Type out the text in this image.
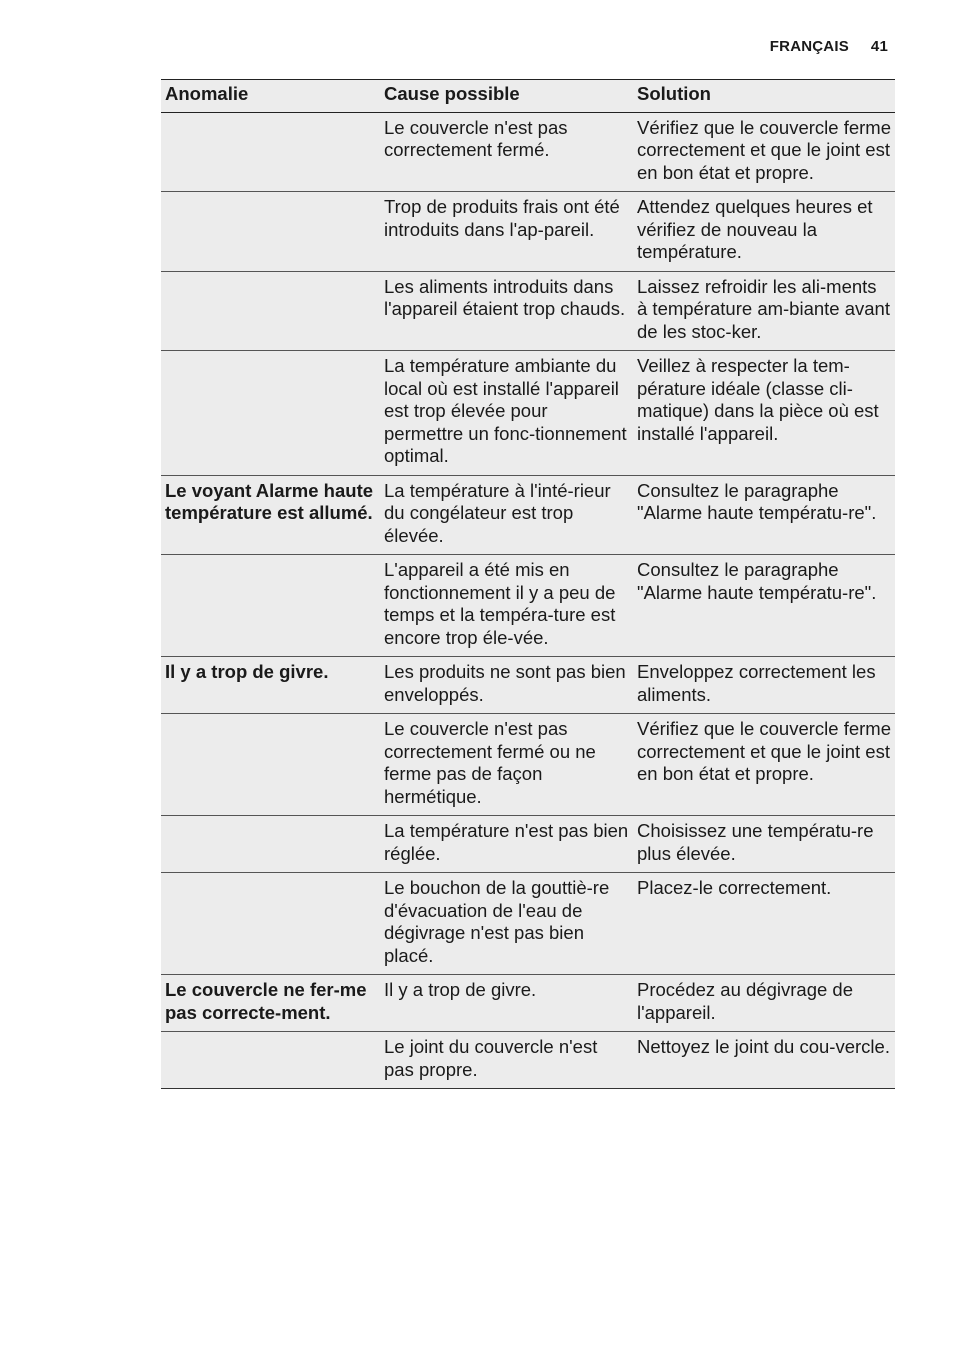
FRANÇAIS 41
Anomalie	Cause possible	Solution
	Le couvercle n'est pas correctement fermé.	Vérifiez que le couvercle ferme correctement et que le joint est en bon état et propre.
	Trop de produits frais ont été introduits dans l'ap-pareil.	Attendez quelques heures et vérifiez de nouveau la température.
	Les aliments introduits dans l'appareil étaient trop chauds.	Laissez refroidir les ali-ments à température am-biante avant de les stoc-ker.
	La température ambiante du local où est installé l'appareil est trop élevée pour permettre un fonc-tionnement optimal.	Veillez à respecter la tem-pérature idéale (classe cli-matique) dans la pièce où est installé l'appareil.
Le voyant Alarme haute température est allumé.	La température à l'inté-rieur du congélateur est trop élevée.	Consultez le paragraphe "Alarme haute températu-re".
	L'appareil a été mis en fonctionnement il y a peu de temps et la tempéra-ture est encore trop éle-vée.	Consultez le paragraphe "Alarme haute températu-re".
Il y a trop de givre.	Les produits ne sont pas bien enveloppés.	Enveloppez correctement les aliments.
	Le couvercle n'est pas correctement fermé ou ne ferme pas de façon hermétique.	Vérifiez que le couvercle ferme correctement et que le joint est en bon état et propre.
	La température n'est pas bien réglée.	Choisissez une températu-re plus élevée.
	Le bouchon de la gouttiè-re d'évacuation de l'eau de dégivrage n'est pas bien placé.	Placez-le correctement.
Le couvercle ne fer-me pas correcte-ment.	Il y a trop de givre.	Procédez au dégivrage de l'appareil.
	Le joint du couvercle n'est pas propre.	Nettoyez le joint du cou-vercle.
